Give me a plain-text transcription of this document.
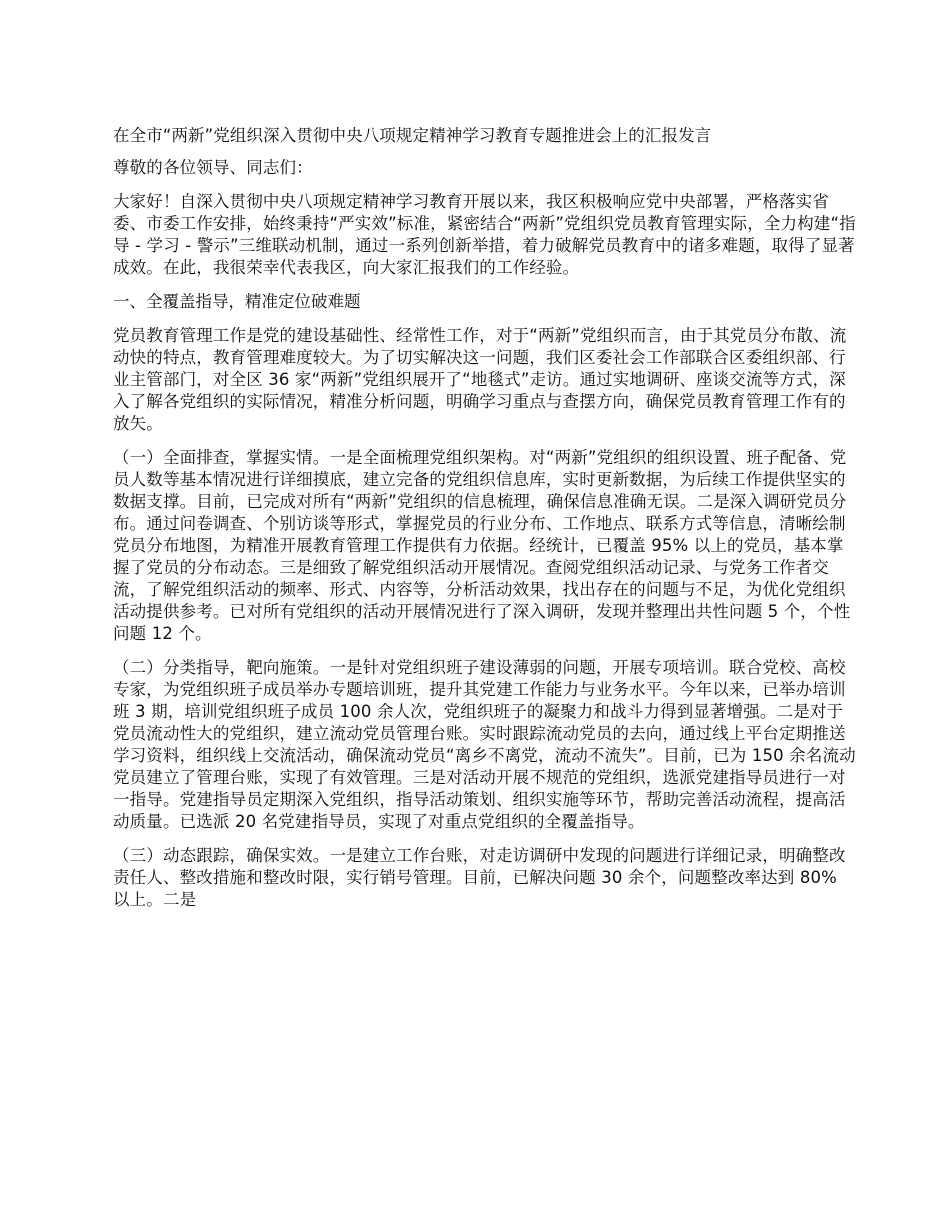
在全市“两新”党组织深入贯彻中央八项规定精神学习教育专题推进会上的汇报发言

尊敬的各位领导、同志们：

大家好！自深入贯彻中央八项规定精神学习教育开展以来，我区积极响应党中央部署，严格落实省委、市委工作安排，始终秉持“严实效”标准，紧密结合“两新”党组织党员教育管理实际，全力构建“指导 - 学习 - 警示”三维联动机制，通过一系列创新举措，着力破解党员教育中的诸多难题，取得了显著成效。在此，我很荣幸代表我区，向大家汇报我们的工作经验。

一、全覆盖指导，精准定位破难题

党员教育管理工作是党的建设基础性、经常性工作，对于“两新”党组织而言，由于其党员分布散、流动快的特点，教育管理难度较大。为了切实解决这一问题，我们区委社会工作部联合区委组织部、行业主管部门，对全区 36 家“两新”党组织展开了“地毯式”走访。通过实地调研、座谈交流等方式，深入了解各党组织的实际情况，精准分析问题，明确学习重点与查摆方向，确保党员教育管理工作有的放矢。

（一）全面排查，掌握实情。一是全面梳理党组织架构。对“两新”党组织的组织设置、班子配备、党员人数等基本情况进行详细摸底，建立完备的党组织信息库，实时更新数据，为后续工作提供坚实的数据支撑。目前，已完成对所有“两新”党组织的信息梳理，确保信息准确无误。二是深入调研党员分布。通过问卷调查、个别访谈等形式，掌握党员的行业分布、工作地点、联系方式等信息，清晰绘制党员分布地图，为精准开展教育管理工作提供有力依据。经统计，已覆盖 95% 以上的党员，基本掌握了党员的分布动态。三是细致了解党组织活动开展情况。查阅党组织活动记录、与党务工作者交流，了解党组织活动的频率、形式、内容等，分析活动效果，找出存在的问题与不足，为优化党组织活动提供参考。已对所有党组织的活动开展情况进行了深入调研，发现并整理出共性问题 5 个，个性问题 12 个。

（二）分类指导，靶向施策。一是针对党组织班子建设薄弱的问题，开展专项培训。联合党校、高校专家，为党组织班子成员举办专题培训班，提升其党建工作能力与业务水平。今年以来，已举办培训班 3 期，培训党组织班子成员 100 余人次，党组织班子的凝聚力和战斗力得到显著增强。二是对于党员流动性大的党组织，建立流动党员管理台账。实时跟踪流动党员的去向，通过线上平台定期推送学习资料，组织线上交流活动，确保流动党员“离乡不离党，流动不流失”。目前，已为 150 余名流动党员建立了管理台账，实现了有效管理。三是对活动开展不规范的党组织，选派党建指导员进行一对一指导。党建指导员定期深入党组织，指导活动策划、组织实施等环节，帮助完善活动流程，提高活动质量。已选派 20 名党建指导员，实现了对重点党组织的全覆盖指导。

（三）动态跟踪，确保实效。一是建立工作台账，对走访调研中发现的问题进行详细记录，明确整改责任人、整改措施和整改时限，实行销号管理。目前，已解决问题 30 余个，问题整改率达到 80% 以上。二是
